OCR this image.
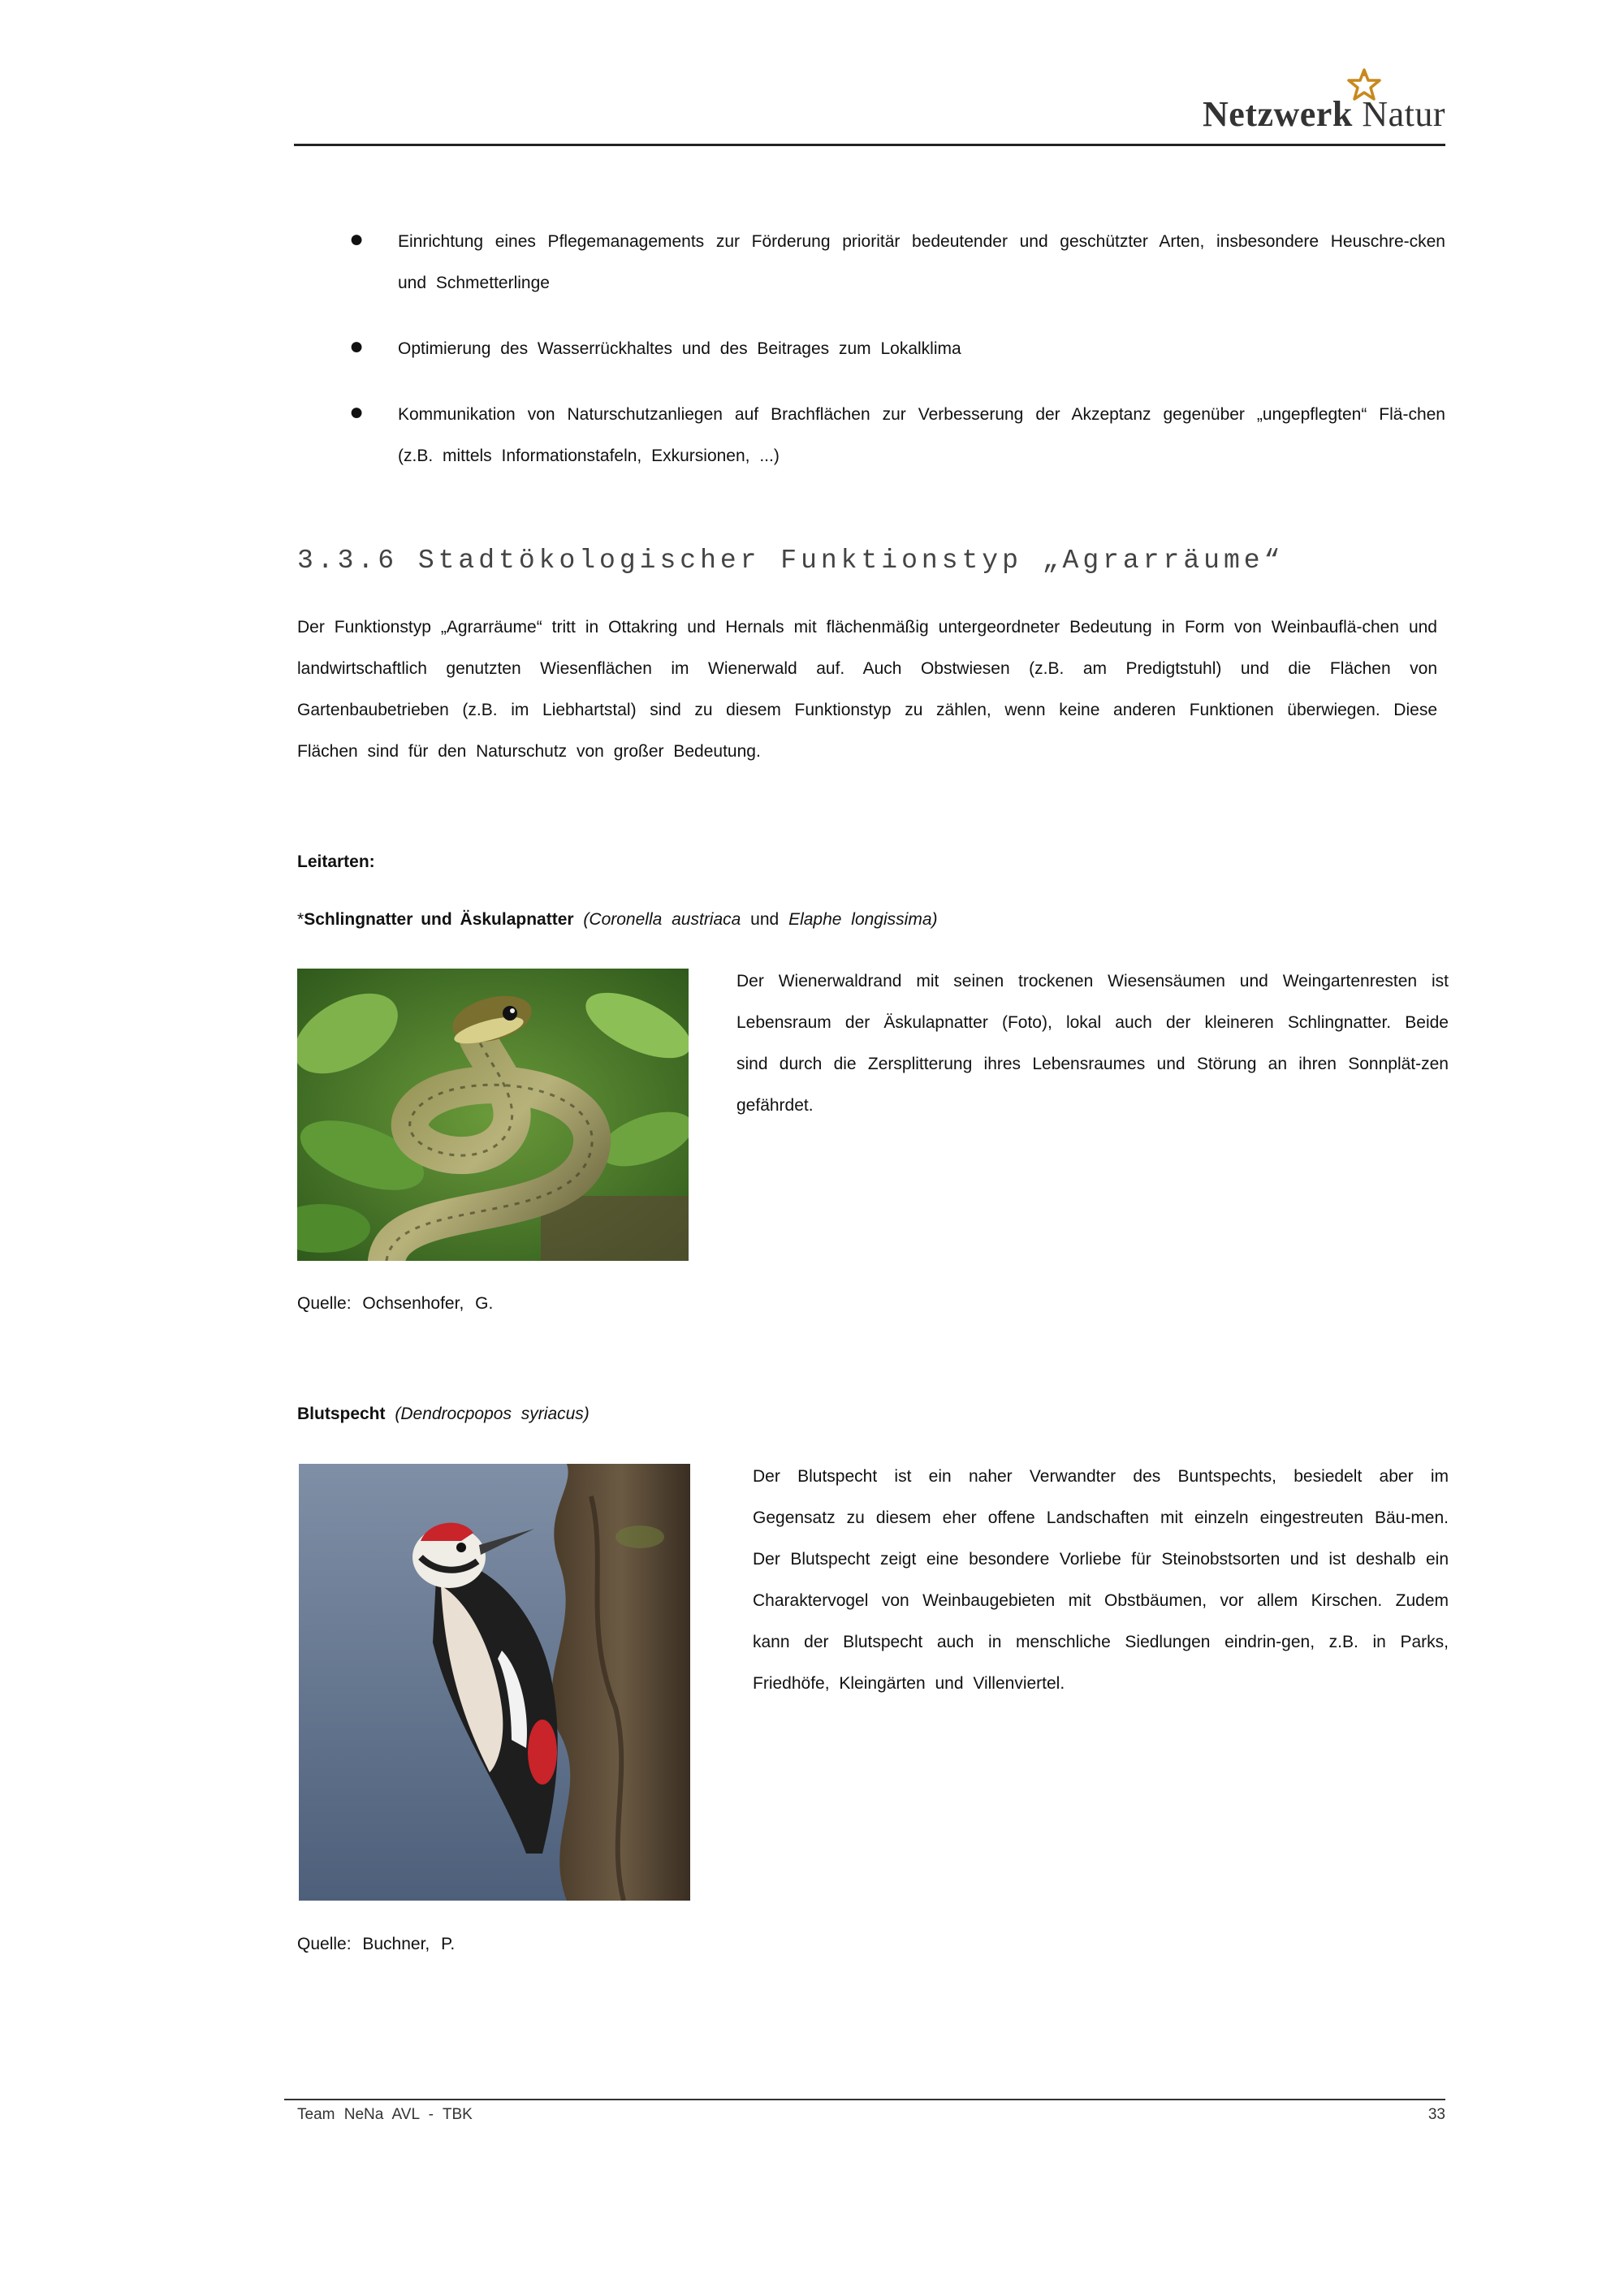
Netzwerk Natur
● Einrichtung eines Pflegemanagements zur Förderung prioritär bedeutender und geschützter Arten, insbesondere Heuschre-cken und Schmetterlinge
● Optimierung des Wasserrückhaltes und des Beitrages zum Lokalklima
● Kommunikation von Naturschutzanliegen auf Brachflächen zur Verbesserung der Akzeptanz gegenüber „ungepflegten“ Flä-chen (z.B. mittels Informationstafeln, Exkursionen, ...)
3.3.6 Stadtökologischer Funktionstyp „Agrarräume“
Der Funktionstyp „Agrarräume“ tritt in Ottakring und Hernals mit flächenmäßig untergeordneter Bedeutung in Form von Weinbauflä-chen und landwirtschaftlich genutzten Wiesenflächen im Wienerwald auf. Auch Obstwiesen (z.B. am Predigtstuhl) und die Flächen von Gartenbaubetrieben (z.B. im Liebhartstal) sind zu diesem Funktionstyp zu zählen, wenn keine anderen Funktionen überwiegen. Diese Flächen sind für den Naturschutz von großer Bedeutung.
Leitarten:
*Schlingnatter und Äskulapnatter (Coronella austriaca und Elaphe longissima)
Der Wienerwaldrand mit seinen trockenen Wiesensäumen und Weingartenresten ist Lebensraum der Äskulapnatter (Foto), lokal auch der kleineren Schlingnatter. Beide sind durch die Zersplitterung ihres Lebensraumes und Störung an ihren Sonnplät-zen gefährdet.
Quelle: Ochsenhofer, G.
Blutspecht (Dendrocpopos syriacus)
Der Blutspecht ist ein naher Verwandter des Buntspechts, besiedelt aber im Gegensatz zu diesem eher offene Landschaften mit einzeln eingestreuten Bäu-men. Der Blutspecht zeigt eine besondere Vorliebe für Steinobstsorten und ist deshalb ein Charaktervogel von Weinbaugebieten mit Obstbäumen, vor allem Kirschen. Zudem kann der Blutspecht auch in menschliche Siedlungen eindrin-gen, z.B. in Parks, Friedhöfe, Kleingärten und Villenviertel.
Quelle: Buchner, P.
Team NeNa AVL - TBK	33
